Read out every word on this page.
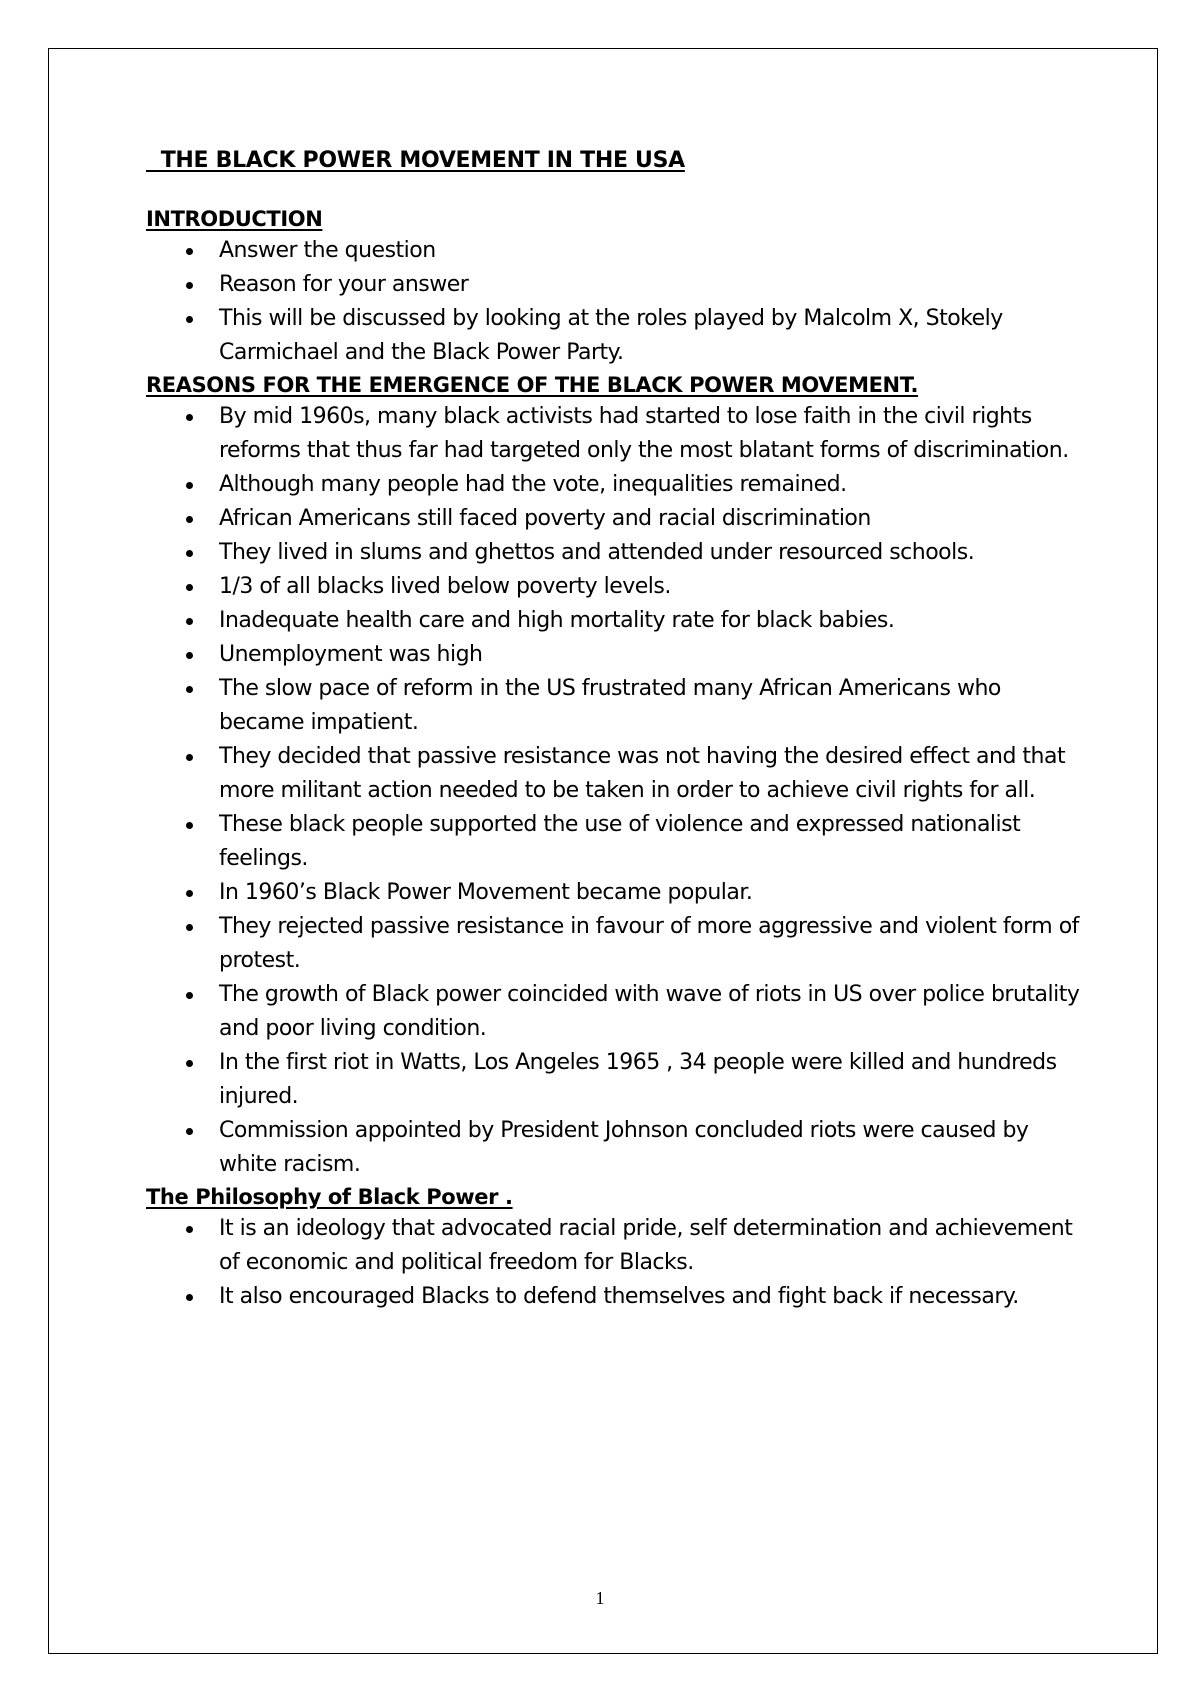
THE BLACK POWER MOVEMENT IN THE USA
INTRODUCTION
Answer the question
Reason for your answer
This will be discussed by looking at the roles played by Malcolm X, Stokely Carmichael and the Black Power Party.
REASONS FOR THE EMERGENCE OF THE BLACK POWER MOVEMENT.
By mid 1960s, many black activists had started to lose faith in the civil rights reforms that thus far had targeted only the most blatant forms of discrimination.
Although many people had the vote, inequalities remained.
African Americans still faced poverty and racial discrimination
They lived in slums and ghettos and attended under resourced schools.
1/3 of all blacks lived below poverty levels.
Inadequate health care and high mortality rate for black babies.
Unemployment was high
The slow pace of reform in the US frustrated many African Americans who became impatient.
They decided that passive resistance was not having the desired effect and that more militant action needed to be taken in order to achieve civil rights for all.
These black people supported the use of violence and expressed nationalist feelings.
In 1960’s Black Power Movement became popular.
They rejected passive resistance in favour of more aggressive and violent form of protest.
The growth of Black power coincided with wave of riots in US over police brutality and poor living condition.
In the first riot in Watts, Los Angeles 1965 , 34 people were killed and hundreds injured.
Commission appointed by President Johnson concluded riots were caused by white racism.
The Philosophy of Black Power .
It is an ideology that advocated racial pride, self determination and achievement of economic and political freedom for Blacks.
It also encouraged Blacks to defend themselves and fight back if necessary.
1
